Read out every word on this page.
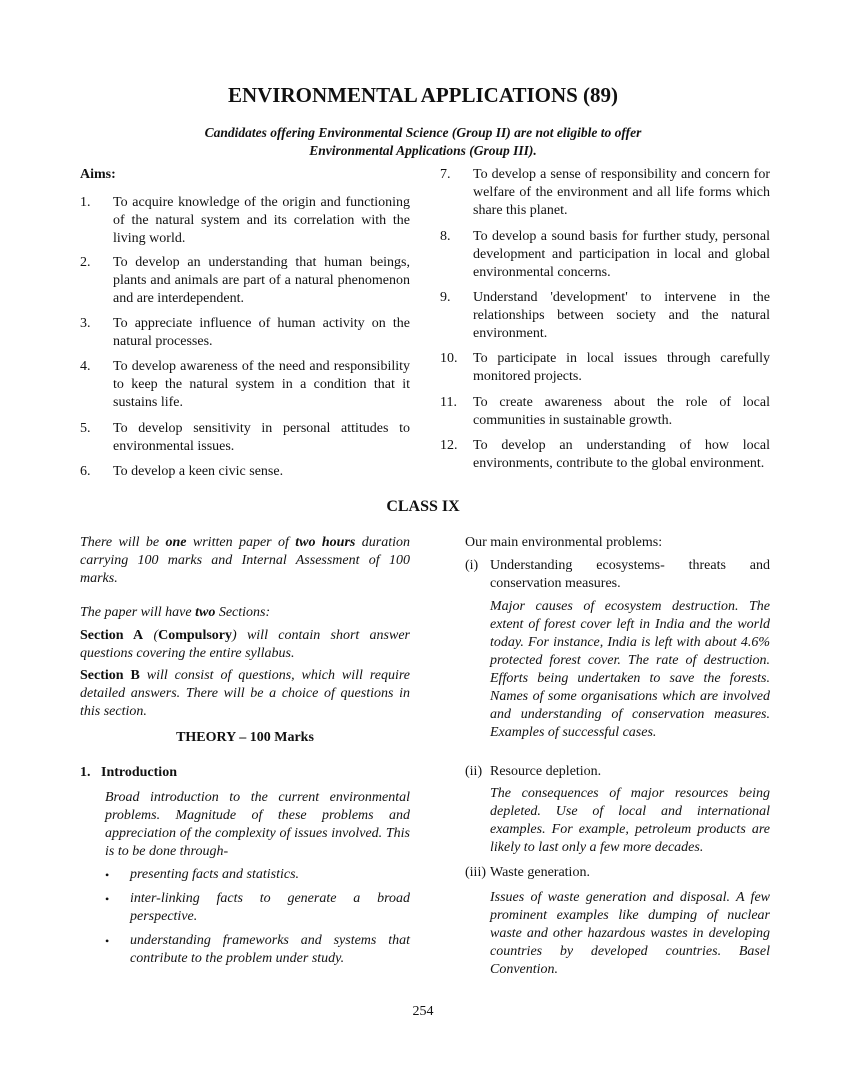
ENVIRONMENTAL APPLICATIONS (89)
Candidates offering Environmental Science (Group II) are not eligible to offer
Environmental Applications (Group III).
Aims:
1. To acquire knowledge of the origin and functioning of the natural system and its correlation with the living world.
2. To develop an understanding that human beings, plants and animals are part of a natural phenomenon and are interdependent.
3. To appreciate influence of human activity on the natural processes.
4. To develop awareness of the need and responsibility to keep the natural system in a condition that it sustains life.
5. To develop sensitivity in personal attitudes to environmental issues.
6. To develop a keen civic sense.
7. To develop a sense of responsibility and concern for welfare of the environment and all life forms which share this planet.
8. To develop a sound basis for further study, personal development and participation in local and global environmental concerns.
9. Understand 'development' to intervene in the relationships between society and the natural environment.
10. To participate in local issues through carefully monitored projects.
11. To create awareness about the role of local communities in sustainable growth.
12. To develop an understanding of how local environments, contribute to the global environment.
CLASS IX
There will be one written paper of two hours duration carrying 100 marks and Internal Assessment of 100 marks.
The paper will have two Sections:
Section A (Compulsory) will contain short answer questions covering the entire syllabus.
Section B will consist of questions, which will require detailed answers. There will be a choice of questions in this section.
THEORY – 100 Marks
1.   Introduction
Broad introduction to the current environmental problems. Magnitude of these problems and appreciation of the complexity of issues involved. This is to be done through-
• presenting facts and statistics.
• inter-linking facts to generate a broad perspective.
• understanding frameworks and systems that contribute to the problem under study.
Our main environmental problems:
(i) Understanding ecosystems- threats and conservation measures.
Major causes of ecosystem destruction. The extent of forest cover left in India and the world today. For instance, India is left with about 4.6% protected forest cover. The rate of destruction. Efforts being undertaken to save the forests. Names of some organisations which are involved and understanding of conservation measures. Examples of successful cases.
(ii) Resource depletion.
The consequences of major resources being depleted. Use of local and international examples. For example, petroleum products are likely to last only a few more decades.
(iii) Waste generation.
Issues of waste generation and disposal. A few prominent examples like dumping of nuclear waste and other hazardous wastes in developing countries by developed countries. Basel Convention.
254
